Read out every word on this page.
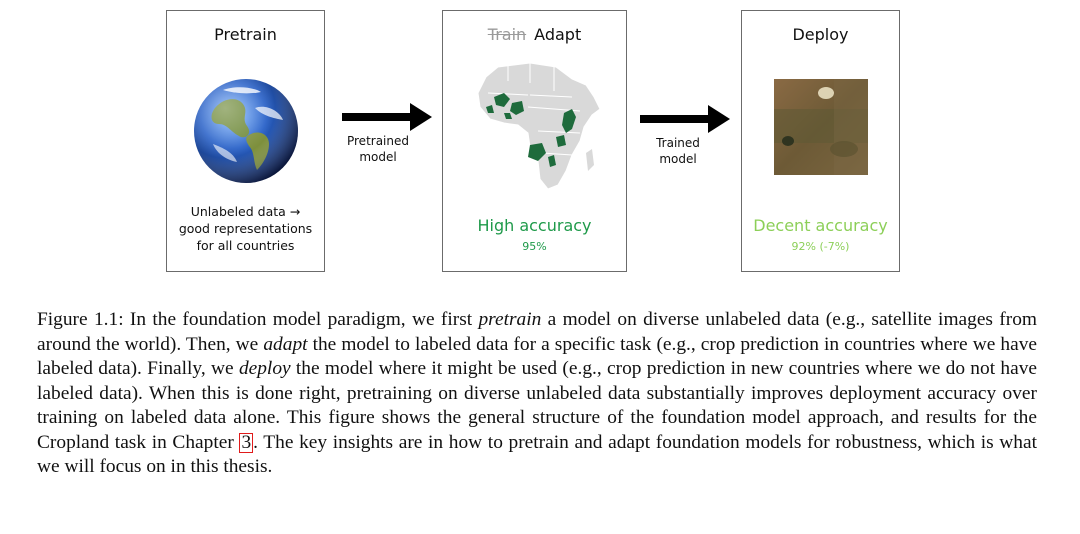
Pretrain
Unlabeled data →
good representations
for all countries
Pretrained
model
Train Adapt
High accuracy
95%
Trained
model
Deploy
Decent accuracy
92% (-7%)

Figure 1.1: In the foundation model paradigm, we first pretrain a model on diverse unlabeled data (e.g., satellite images from around the world). Then, we adapt the model to labeled data for a specific task (e.g., crop prediction in countries where we have labeled data). Finally, we deploy the model where it might be used (e.g., crop prediction in new countries where we do not have labeled data). When this is done right, pretraining on diverse unlabeled data substantially improves deployment accuracy over training on labeled data alone. This figure shows the general structure of the foundation model approach, and results for the Cropland task in Chapter 3 . The key insights are in how to pretrain and adapt foundation models for robustness, which is what we will focus on in this thesis.
